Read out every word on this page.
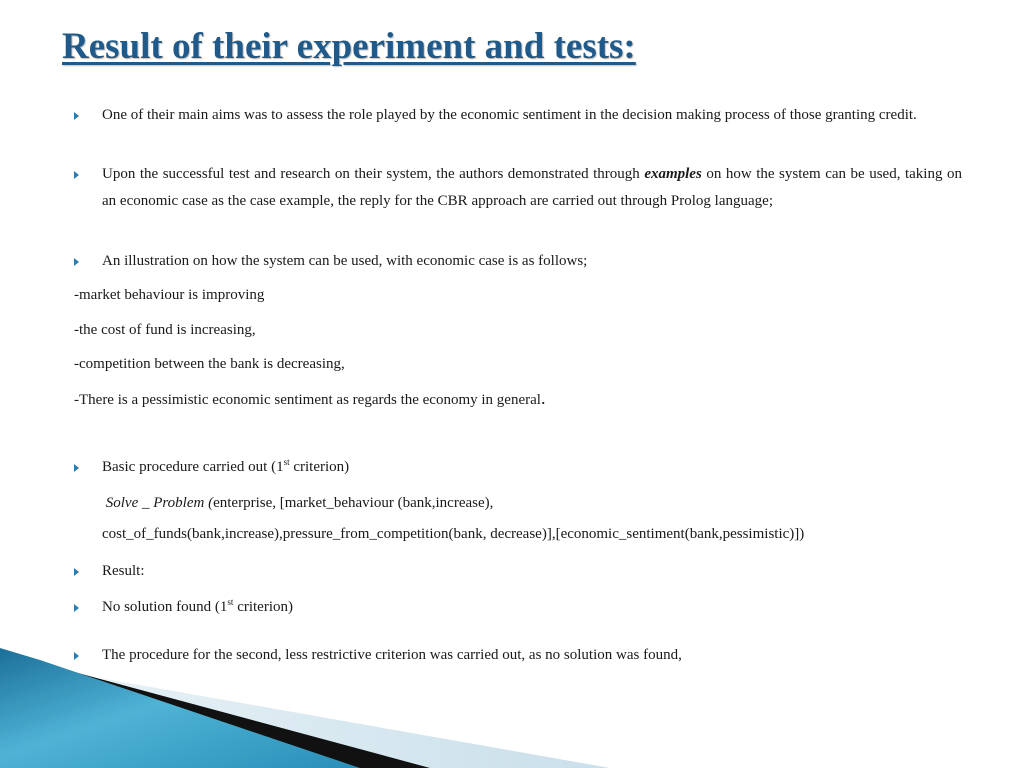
Result of their experiment and tests:
One of their main aims was to assess the role played by the economic sentiment in the decision making process of those granting credit.
Upon the successful test and research on their system, the authors demonstrated through examples on how the system can be used, taking on an economic case as the case example, the reply for the CBR approach are carried out through Prolog language;
An illustration on how the system can be used, with economic case is as follows;
-market behaviour is improving
-the cost of fund is increasing,
-competition between the bank is decreasing,
-There is a pessimistic economic sentiment as regards the economy in general.
Basic procedure carried out (1st criterion)
Solve _ Problem (enterprise, [market_behaviour (bank,increase),
cost_of_funds(bank,increase),pressure_from_competition(bank, decrease)],[economic_sentiment(bank,pessimistic)])
Result:
No solution found (1st criterion)
The procedure for the second, less restrictive criterion was carried out, as no solution was found,
